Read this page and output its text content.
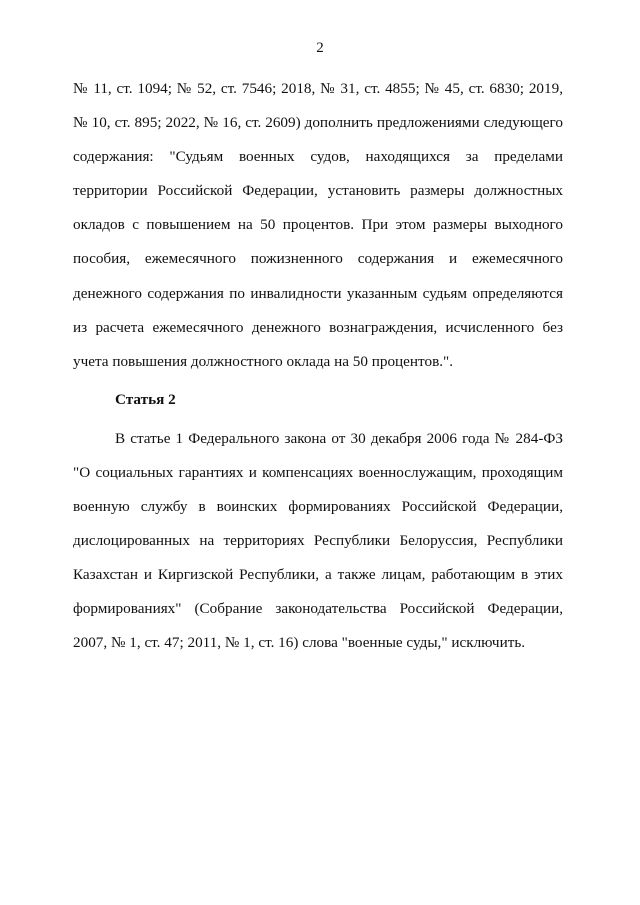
2
№ 11, ст. 1094; № 52, ст. 7546; 2018, № 31, ст. 4855; № 45, ст. 6830; 2019,
№ 10, ст. 895; 2022, № 16, ст. 2609) дополнить предложениями следующего
содержания: "Судьям военных судов, находящихся за пределами
территории Российской Федерации, установить размеры должностных
окладов с повышением на 50 процентов. При этом размеры выходного
пособия, ежемесячного пожизненного содержания и ежемесячного
денежного содержания по инвалидности указанным судьям определяются
из расчета ежемесячного денежного вознаграждения, исчисленного без
учета повышения должностного оклада на 50 процентов.".
Статья 2
В статье 1 Федерального закона от 30 декабря 2006 года № 284-ФЗ
"О социальных гарантиях и компенсациях военнослужащим, проходящим
военную службу в воинских формированиях Российской Федерации,
дислоцированных на территориях Республики Белоруссия, Республики
Казахстан и Киргизской Республики, а также лицам, работающим в этих
формированиях" (Собрание законодательства Российской Федерации,
2007, № 1, ст. 47; 2011, № 1, ст. 16) слова "военные суды," исключить.
